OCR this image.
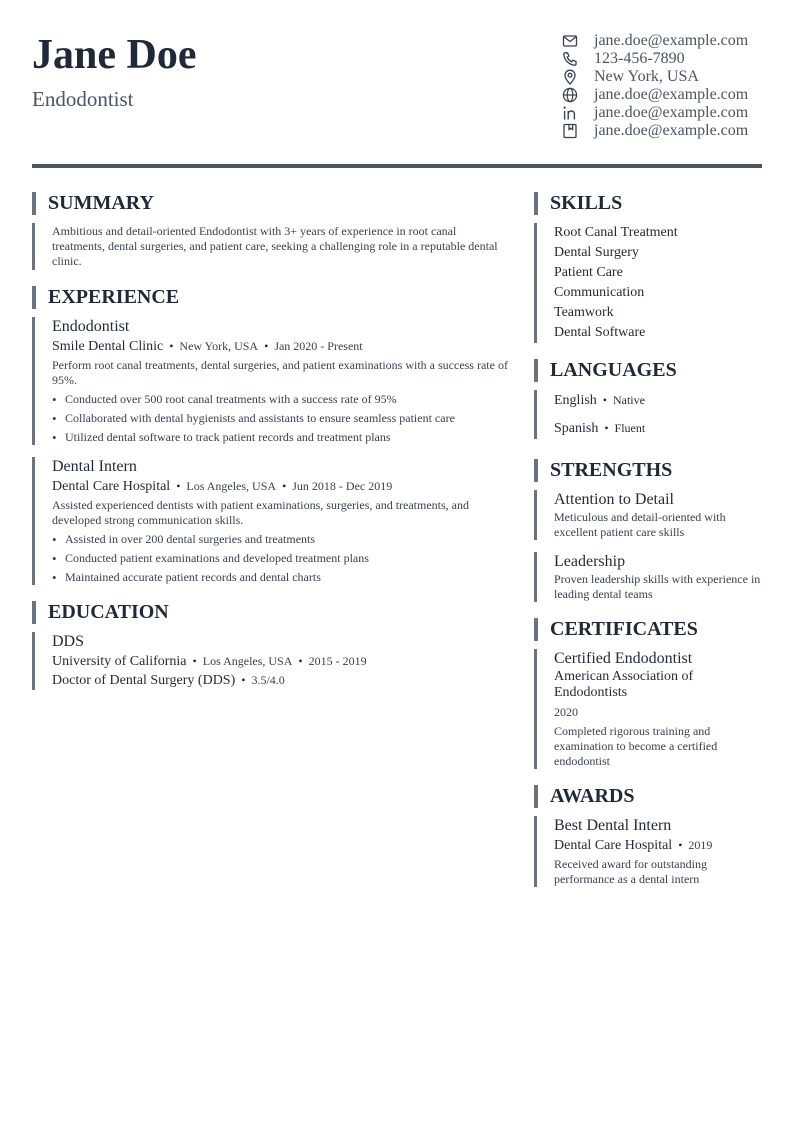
Jane Doe
Endodontist
jane.doe@example.com
123-456-7890
New York, USA
jane.doe@example.com
jane.doe@example.com
jane.doe@example.com
SUMMARY
Ambitious and detail-oriented Endodontist with 3+ years of experience in root canal treatments, dental surgeries, and patient care, seeking a challenging role in a reputable dental clinic.
EXPERIENCE
Endodontist
Smile Dental Clinic • New York, USA • Jan 2020 - Present
Perform root canal treatments, dental surgeries, and patient examinations with a success rate of 95%.
• Conducted over 500 root canal treatments with a success rate of 95%
• Collaborated with dental hygienists and assistants to ensure seamless patient care
• Utilized dental software to track patient records and treatment plans
Dental Intern
Dental Care Hospital • Los Angeles, USA • Jun 2018 - Dec 2019
Assisted experienced dentists with patient examinations, surgeries, and treatments, and developed strong communication skills.
• Assisted in over 200 dental surgeries and treatments
• Conducted patient examinations and developed treatment plans
• Maintained accurate patient records and dental charts
EDUCATION
DDS
University of California • Los Angeles, USA • 2015 - 2019
Doctor of Dental Surgery (DDS) • 3.5/4.0
SKILLS
Root Canal Treatment
Dental Surgery
Patient Care
Communication
Teamwork
Dental Software
LANGUAGES
English • Native
Spanish • Fluent
STRENGTHS
Attention to Detail
Meticulous and detail-oriented with excellent patient care skills
Leadership
Proven leadership skills with experience in leading dental teams
CERTIFICATES
Certified Endodontist
American Association of Endodontists
2020
Completed rigorous training and examination to become a certified endodontist
AWARDS
Best Dental Intern
Dental Care Hospital • 2019
Received award for outstanding performance as a dental intern
